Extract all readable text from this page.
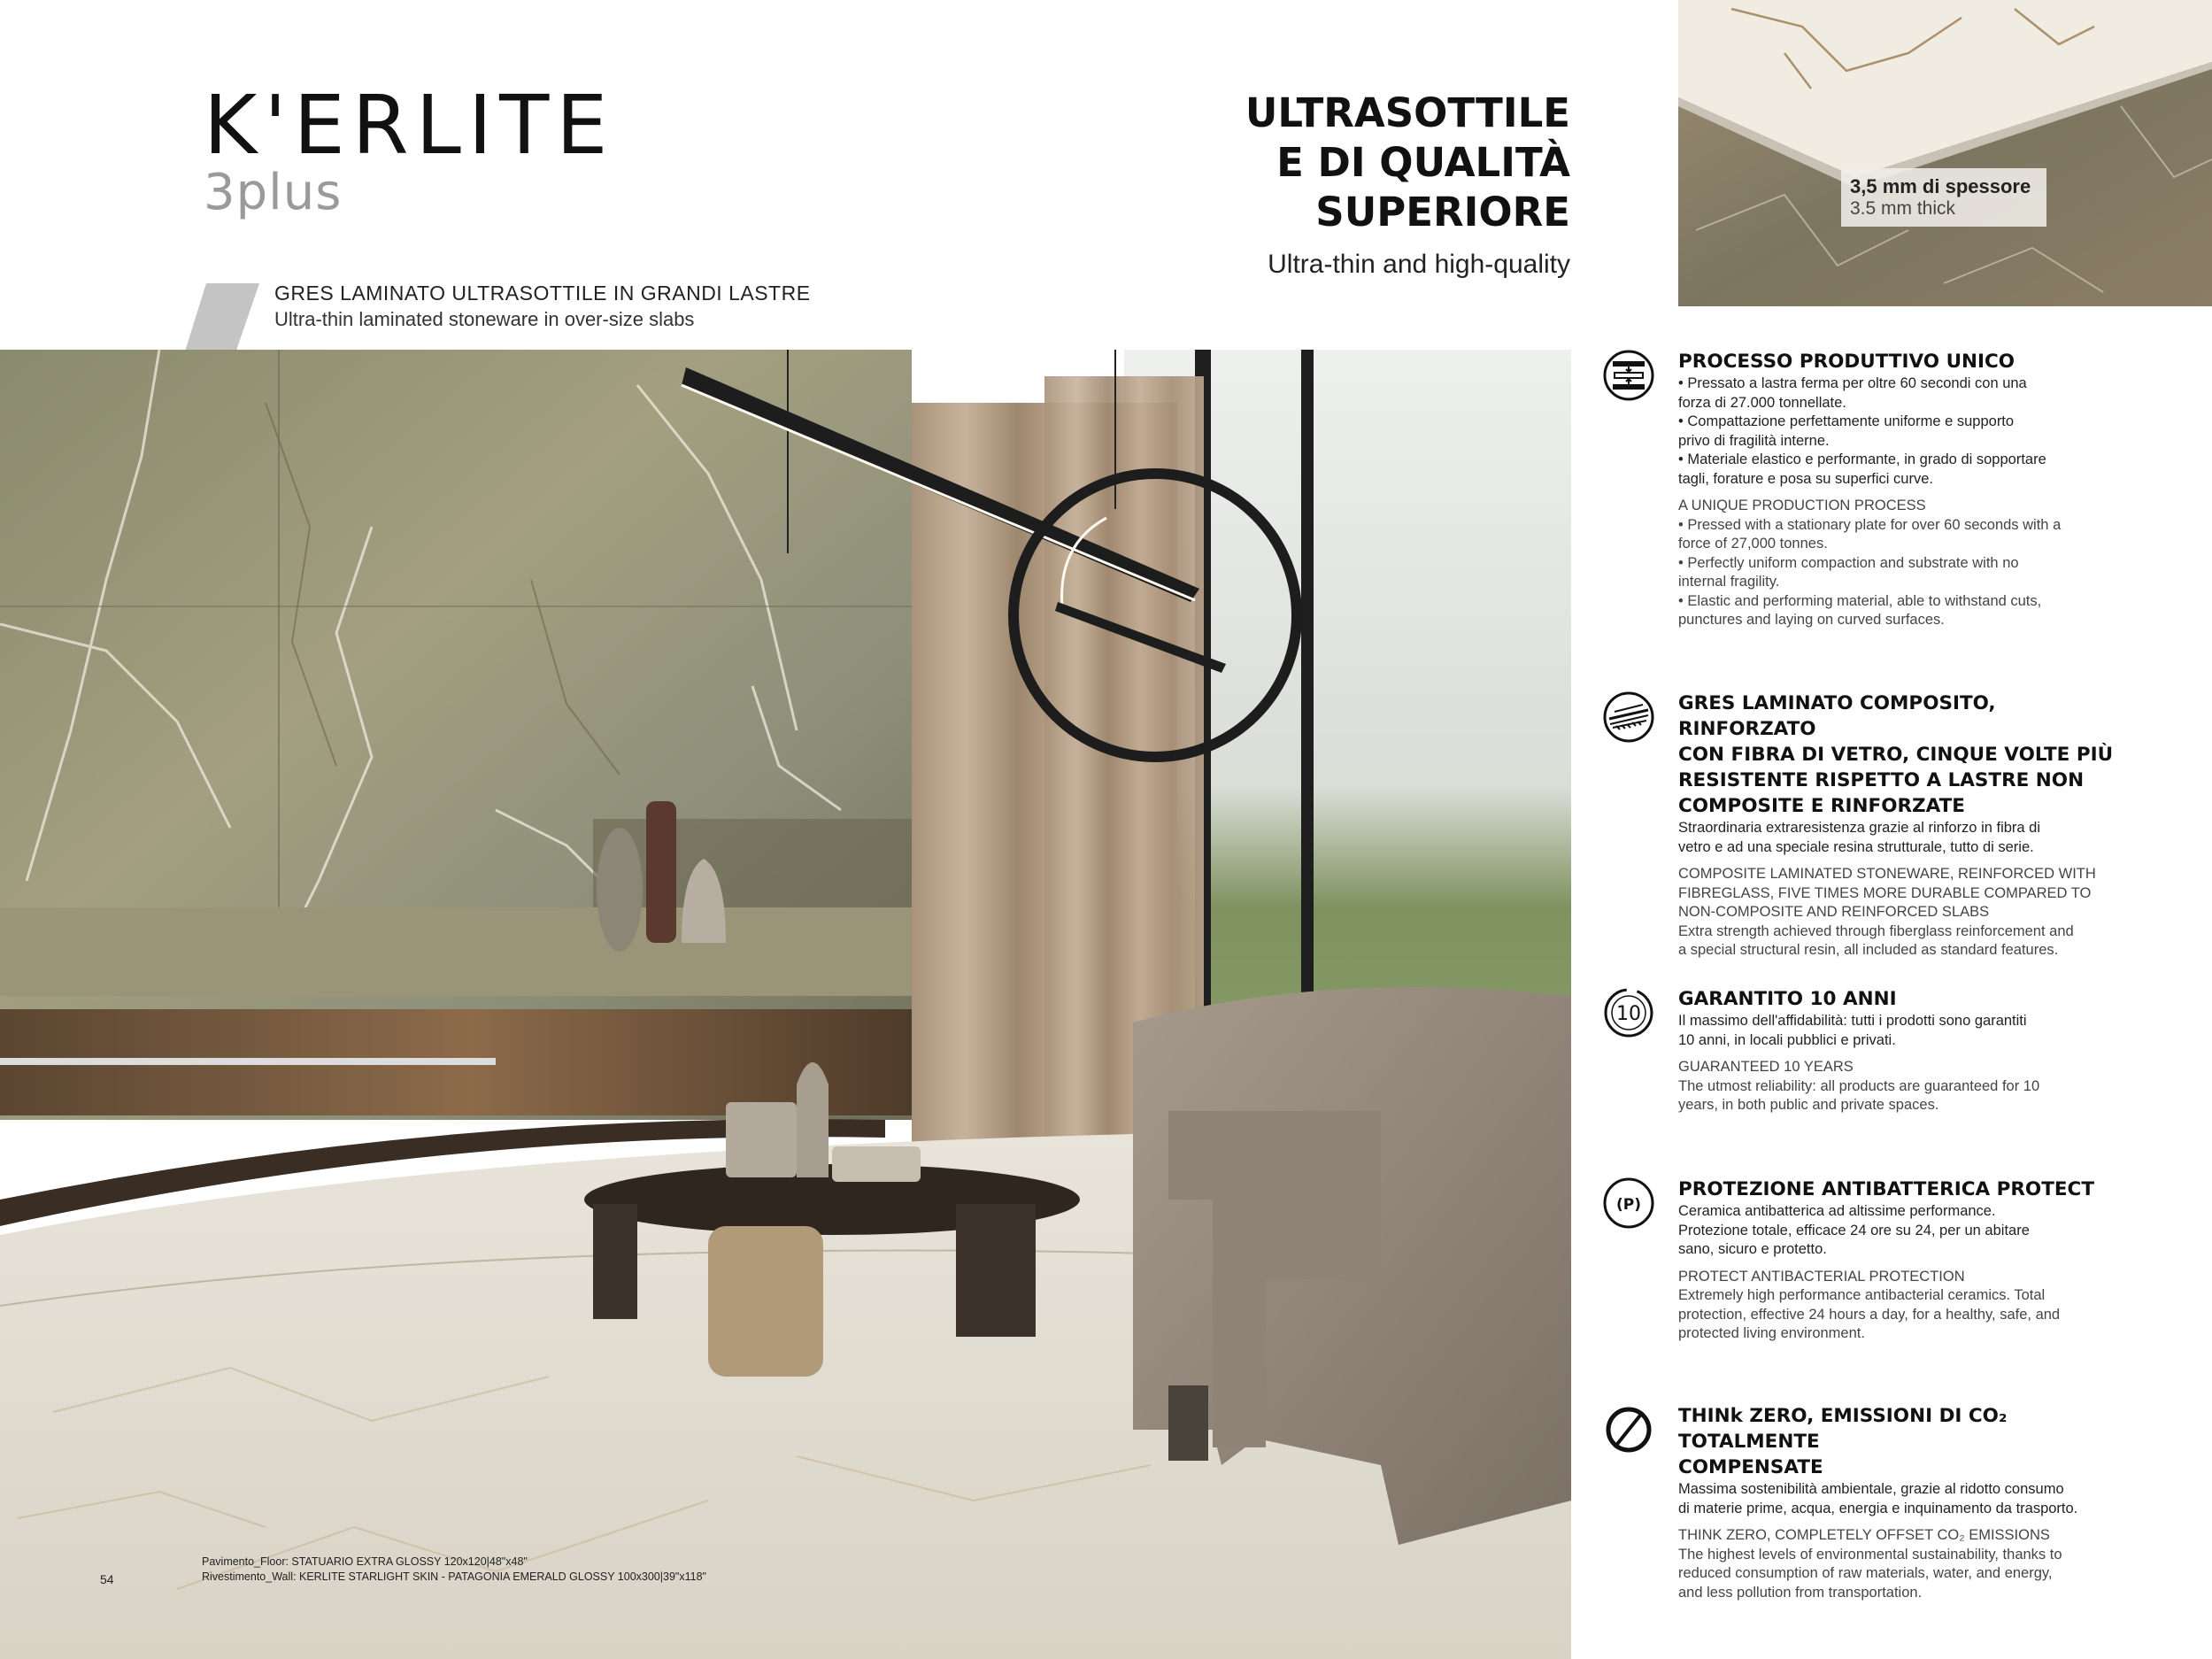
K'ERLITE
3plus
ULTRASOTTILE
E DI QUALITÀ
SUPERIORE
Ultra-thin and high-quality
GRES LAMINATO ULTRASOTTILE IN GRANDI LASTRE
Ultra-thin laminated stoneware in over-size slabs
Pavimento_Floor: STATUARIO EXTRA GLOSSY 120x120|48"x48"
Rivestimento_Wall: KERLITE STARLIGHT SKIN - PATAGONIA EMERALD GLOSSY 100x300|39"x118"
54
3,5 mm di spessore
3.5 mm thick
PROCESSO PRODUTTIVO UNICO
• Pressato a lastra ferma per oltre 60 secondi con una
forza di 27.000 tonnellate.
• Compattazione perfettamente uniforme e supporto
privo di fragilità interne.
• Materiale elastico e performante, in grado di sopportare
tagli, forature e posa su superfici curve.
A UNIQUE PRODUCTION PROCESS
• Pressed with a stationary plate for over 60 seconds with a
force of 27,000 tonnes.
• Perfectly uniform compaction and substrate with no
internal fragility.
• Elastic and performing material, able to withstand cuts,
punctures and laying on curved surfaces.
GRES LAMINATO COMPOSITO, RINFORZATO
CON FIBRA DI VETRO, CINQUE VOLTE PIÙ
RESISTENTE RISPETTO A LASTRE NON
COMPOSITE E RINFORZATE
Straordinaria extraresistenza grazie al rinforzo in fibra di
vetro e ad una speciale resina strutturale, tutto di serie.
COMPOSITE LAMINATED STONEWARE, REINFORCED WITH
FIBREGLASS, FIVE TIMES MORE DURABLE COMPARED TO
NON-COMPOSITE AND REINFORCED SLABS
Extra strength achieved through fiberglass reinforcement and
a special structural resin, all included as standard features.
10
GARANTITO 10 ANNI
Il massimo dell'affidabilità: tutti i prodotti sono garantiti
10 anni, in locali pubblici e privati.
GUARANTEED 10 YEARS
The utmost reliability: all products are guaranteed for 10
years, in both public and private spaces.
(P)
PROTEZIONE ANTIBATTERICA PROTECT
Ceramica antibatterica ad altissime performance.
Protezione totale, efficace 24 ore su 24, per un abitare
sano, sicuro e protetto.
PROTECT ANTIBACTERIAL PROTECTION
Extremely high performance antibacterial ceramics. Total
protection, effective 24 hours a day, for a healthy, safe, and
protected living environment.
THINk ZERO, EMISSIONI DI CO₂ TOTALMENTE
COMPENSATE
Massima sostenibilità ambientale, grazie al ridotto consumo
di materie prime, acqua, energia e inquinamento da trasporto.
THINK ZERO, COMPLETELY OFFSET CO₂ EMISSIONS
The highest levels of environmental sustainability, thanks to
reduced consumption of raw materials, water, and energy,
and less pollution from transportation.
